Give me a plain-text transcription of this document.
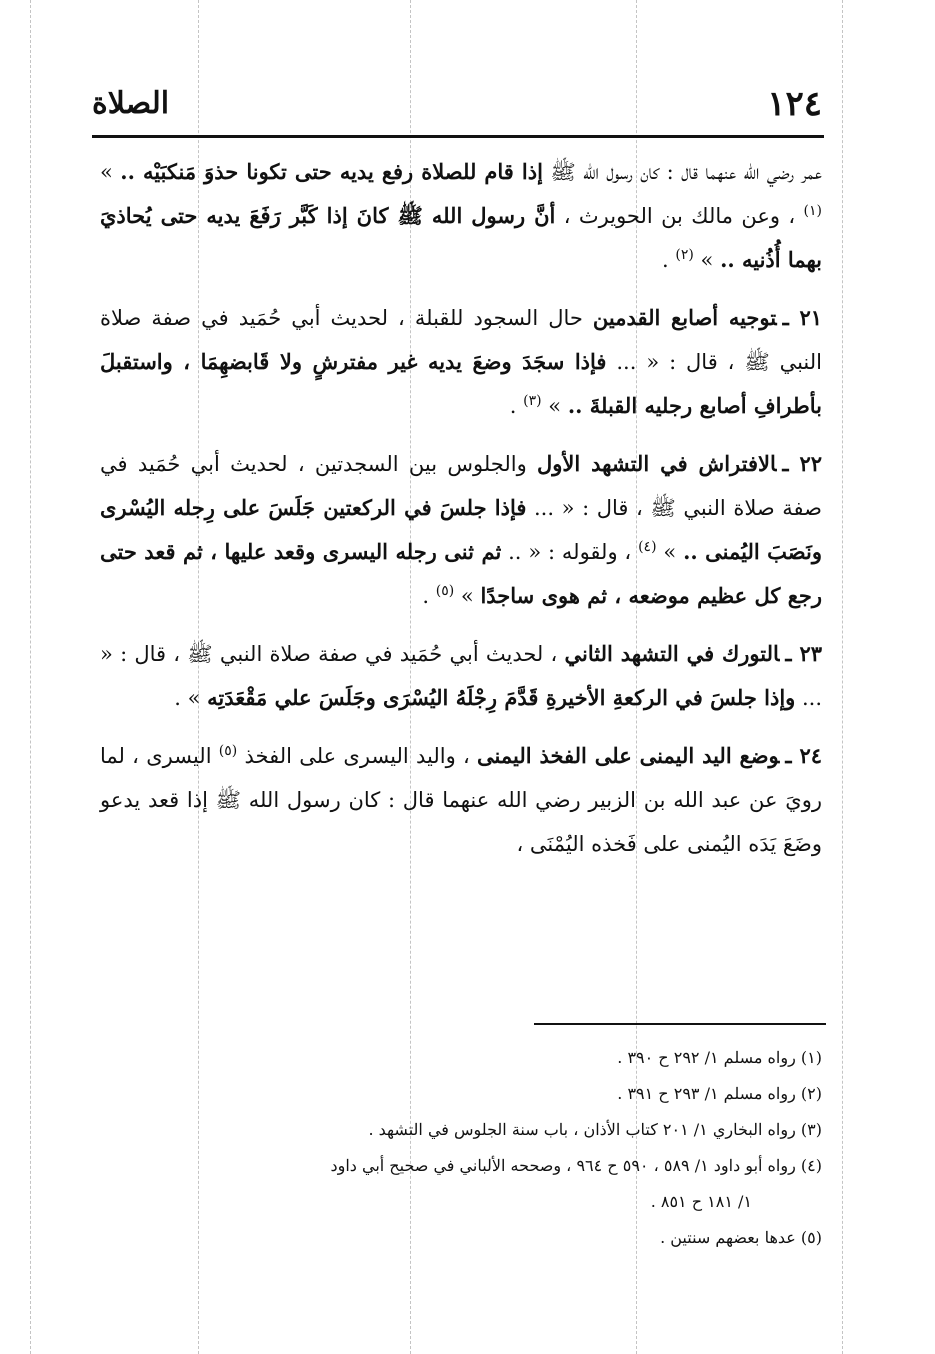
١٢٤
الصلاة

عمر رضي الله عنهما قال : كان رسول الله ﷺ إذا قام للصلاة رفع يديه حتى تكونا حذوَ مَنكبَيْه .. » $^{(١)}$ ، وعن مالك بن الحويرث ، أنَّ رسول الله ﷺ كانَ إذا كَبَّر رَفَعَ يديه حتى يُحاذيَ بهما أُذُنيه .. » $^{(٢)}$ .

٢١ ـتوجيه أصابع القدمين حال السجود للقبلة ، لحديث أبي حُمَيد في صفة صلاة النبي ﷺ ، قال : « ... فإذا سجَدَ وضعَ يديه غير مفترشٍ ولا قَابضهِمَا ، واستقبلَ بأطرافِ أصابع رجليه القبلةَ .. » $^{(٣)}$ .

٢٢ ـالافتراش في التشهد الأول والجلوس بين السجدتين ، لحديث أبي حُمَيد في صفة صلاة النبي ﷺ ، قال : « ... فإذا جلسَ في الركعتين جَلَسَ على رِجله اليُسْرى ونَصَبَ اليُمنى .. » $^{(٤)}$ ، ولقوله : « .. ثم ثنى رجله اليسرى وقعد عليها ، ثم قعد حتى رجع كل عظيم موضعه ، ثم هوى ساجدًا » $^{(٥)}$ .

٢٣ ـالتورك في التشهد الثاني ، لحديث أبي حُمَيد في صفة صلاة النبي ﷺ ، قال : « ... وإذا جلسَ في الركعةِ الأخيرةِ قَدَّمَ رِجْلَهُ اليُسْرَى وجَلَسَ علي مَقْعَدَتِه » .

٢٤ ـوضع اليد اليمنى على الفخذ اليمنى ، واليد اليسرى على الفخذ $^{(٥)}$ اليسرى ، لما رويَ عن عبد الله بن الزبير رضي الله عنهما قال : كان رسول الله ﷺ إذا قعد يدعو وضَعَ يَدَه اليُمنى على فَخذه اليُمْنَى ،

(١) رواه مسلم ١/ ٢٩٢ ح ٣٩٠ .
(٢) رواه مسلم ١/ ٢٩٣ ح ٣٩١ .
(٣) رواه البخاري ١/ ٢٠١ كتاب الأذان ، باب سنة الجلوس في التشهد .
(٤) رواه أبو داود ١/ ٥٨٩ ، ٥٩٠ ح ٩٦٤ ، وصححه الألباني في صحيح أبي داود
١/ ١٨١ ح ٨٥١ .
(٥) عدها بعضهم سنتين .
